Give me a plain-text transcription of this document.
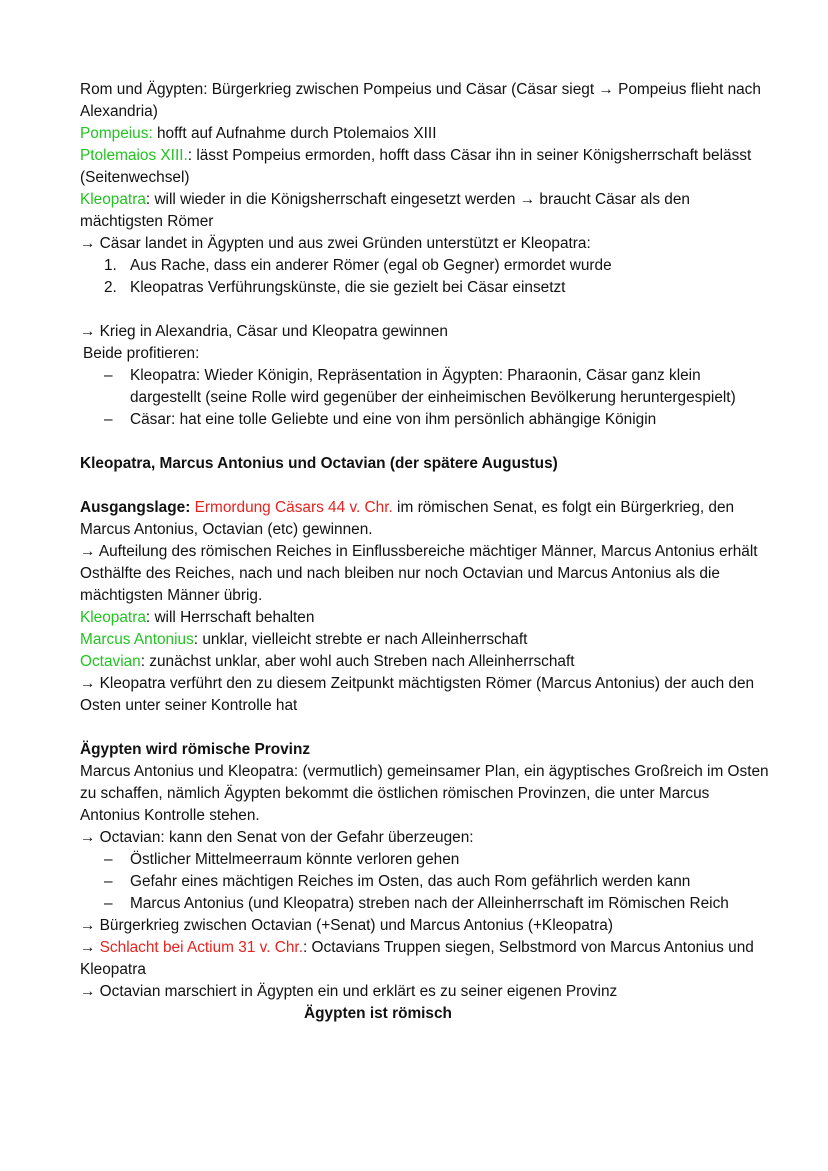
Rom und Ägypten: Bürgerkrieg zwischen Pompeius und Cäsar (Cäsar siegt → Pompeius flieht nach Alexandria)

Pompeius: hofft auf Aufnahme durch Ptolemaios XIII

Ptolemaios XIII.: lässt Pompeius ermorden, hofft dass Cäsar ihn in seiner Königsherrschaft belässt (Seitenwechsel)

Kleopatra: will wieder in die Königsherrschaft eingesetzt werden → braucht Cäsar als den mächtigsten Römer

→ Cäsar landet in Ägypten und aus zwei Gründen unterstützt er Kleopatra:

1. Aus Rache, dass ein anderer Römer (egal ob Gegner) ermordet wurde
2. Kleopatras Verführungskünste, die sie gezielt bei Cäsar einsetzt

→ Krieg in Alexandria, Cäsar und Kleopatra gewinnen

Beide profitieren:

– Kleopatra: Wieder Königin, Repräsentation in Ägypten: Pharaonin, Cäsar ganz klein dargestellt (seine Rolle wird gegenüber der einheimischen Bevölkerung heruntergespielt)
– Cäsar: hat eine tolle Geliebte und eine von ihm persönlich abhängige Königin

Kleopatra, Marcus Antonius und Octavian (der spätere Augustus)

Ausgangslage: Ermordung Cäsars 44 v. Chr. im römischen Senat, es folgt ein Bürgerkrieg, den Marcus Antonius, Octavian (etc) gewinnen.

→ Aufteilung des römischen Reiches in Einflussbereiche mächtiger Männer, Marcus Antonius erhält Osthälfte des Reiches, nach und nach bleiben nur noch Octavian und Marcus Antonius als die mächtigsten Männer übrig.

Kleopatra: will Herrschaft behalten

Marcus Antonius: unklar, vielleicht strebte er nach Alleinherrschaft

Octavian: zunächst unklar, aber wohl auch Streben nach Alleinherrschaft

→ Kleopatra verführt den zu diesem Zeitpunkt mächtigsten Römer (Marcus Antonius) der auch den Osten unter seiner Kontrolle hat

Ägypten wird römische Provinz

Marcus Antonius und Kleopatra: (vermutlich) gemeinsamer Plan, ein ägyptisches Großreich im Osten zu schaffen, nämlich Ägypten bekommt die östlichen römischen Provinzen, die unter Marcus Antonius Kontrolle stehen.

→ Octavian: kann den Senat von der Gefahr überzeugen:

– Östlicher Mittelmeerraum könnte verloren gehen
– Gefahr eines mächtigen Reiches im Osten, das auch Rom gefährlich werden kann
– Marcus Antonius (und Kleopatra) streben nach der Alleinherrschaft im Römischen Reich

→ Bürgerkrieg zwischen Octavian (+Senat) und Marcus Antonius (+Kleopatra)

→ Schlacht bei Actium 31 v. Chr.: Octavians Truppen siegen, Selbstmord von Marcus Antonius und Kleopatra

→ Octavian marschiert in Ägypten ein und erklärt es zu seiner eigenen Provinz

Ägypten ist römisch
